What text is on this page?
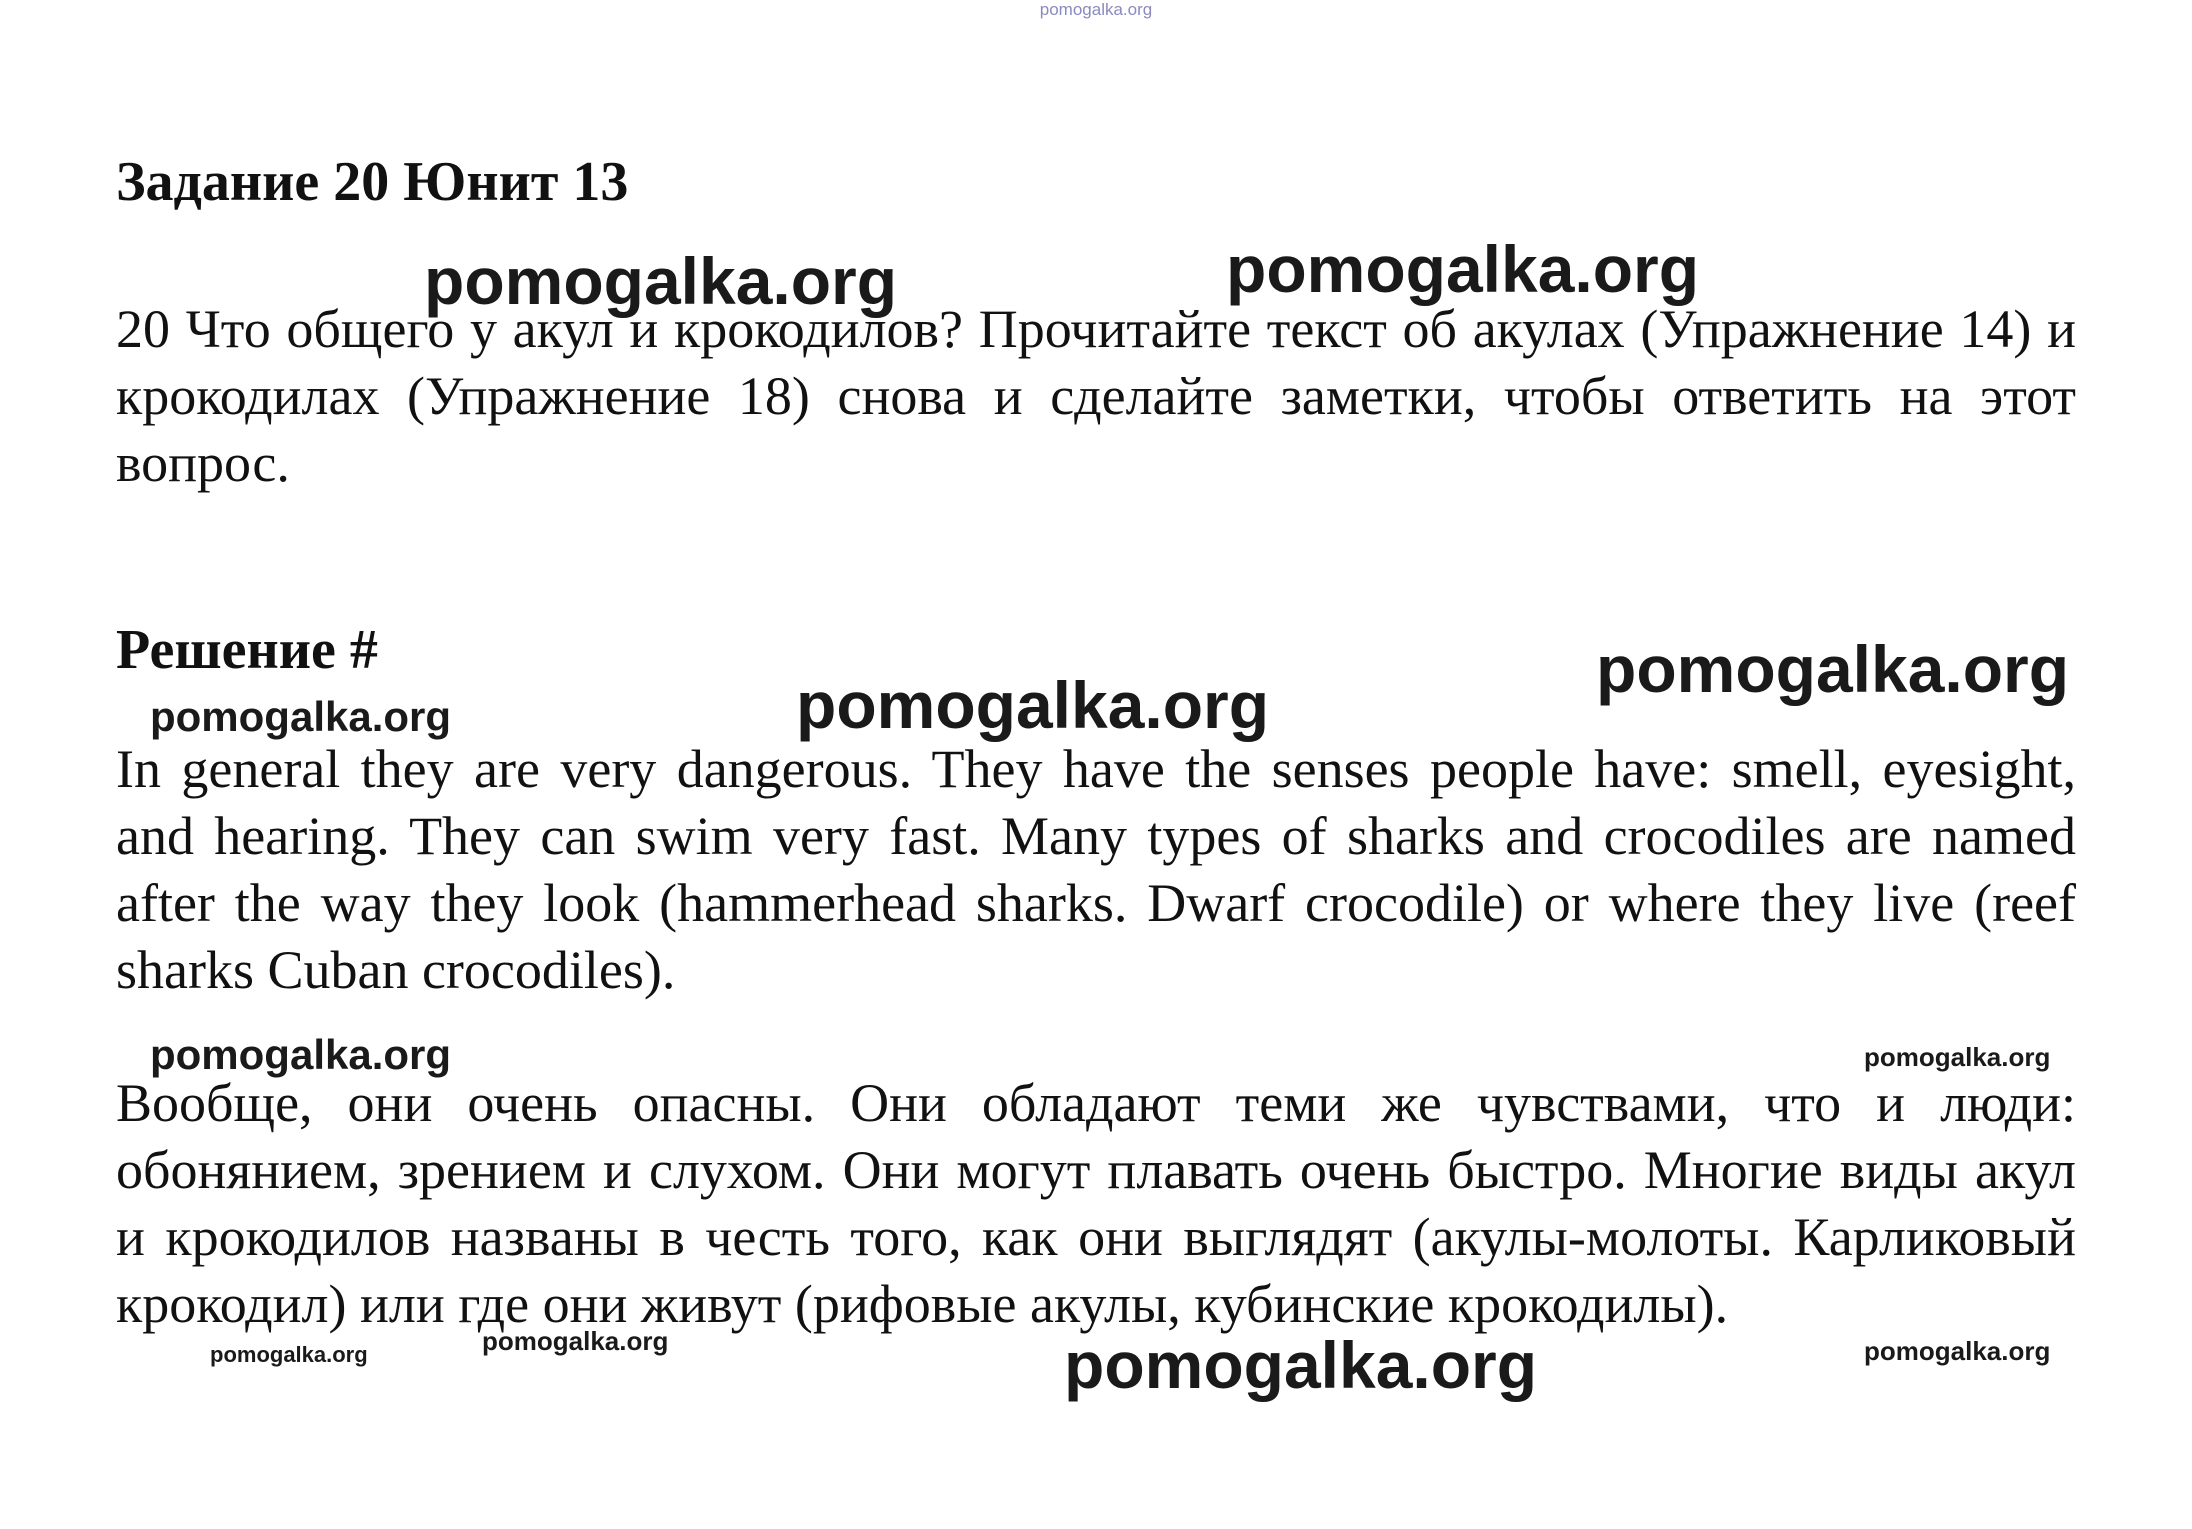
pomogalka.org
Задание 20 Юнит 13
20 Что общего у акул и крокодилов? Прочитайте текст об акулах (Упражнение 14) и крокодилах (Упражнение 18) снова и сделайте заметки, чтобы ответить на этот вопрос.
Решение #
In general they are very dangerous. They have the senses people have: smell, eyesight, and hearing. They can swim very fast. Many types of sharks and crocodiles are named after the way they look (hammerhead sharks. Dwarf crocodile) or where they live (reef sharks Cuban crocodiles).
Вообще, они очень опасны. Они обладают теми же чувствами, что и люди: обонянием, зрением и слухом. Они могут плавать очень быстро. Многие виды акул и крокодилов названы в честь того, как они выглядят (акулы-молоты. Карликовый крокодил) или где они живут (рифовые акулы, кубинские крокодилы).
pomogalka.org	pomogalka.org
pomogalka.org
pomogalka.org
pomogalka.org
pomogalka.org	pomogalka.org
pomogalka.org
pomogalka.org	pomogalka.org	pomogalka.org
